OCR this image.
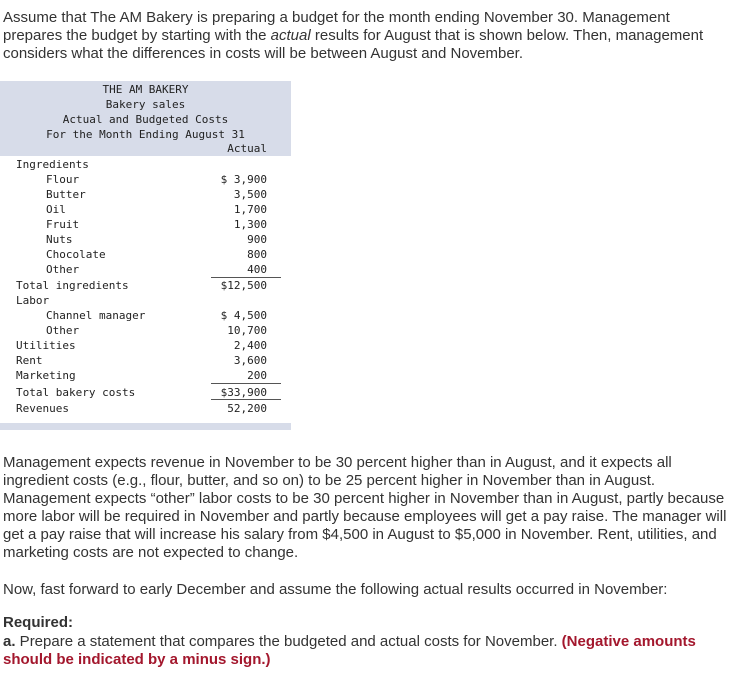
Assume that The AM Bakery is preparing a budget for the month ending November 30. Management prepares the budget by starting with the actual results for August that is shown below. Then, management considers what the differences in costs will be between August and November.

THE AM BAKERY
Bakery sales
Actual and Budgeted Costs
For the Month Ending August 31
Actual
Ingredients
Flour	$ 3,900
Butter	3,500
Oil	1,700
Fruit	1,300
Nuts	900
Chocolate	800
Other	400
Total ingredients	$12,500
Labor
Channel manager	$ 4,500
Other	10,700
Utilities	2,400
Rent	3,600
Marketing	200
Total bakery costs	$33,900
Revenues	52,200

Management expects revenue in November to be 30 percent higher than in August, and it expects all ingredient costs (e.g., flour, butter, and so on) to be 25 percent higher in November than in August. Management expects “other” labor costs to be 30 percent higher in November than in August, partly because more labor will be required in November and partly because employees will get a pay raise. The manager will get a pay raise that will increase his salary from $4,500 in August to $5,000 in November. Rent, utilities, and marketing costs are not expected to change.

Now, fast forward to early December and assume the following actual results occurred in November:

Required:

a. Prepare a statement that compares the budgeted and actual costs for November. (Negative amounts should be indicated by a minus sign.)
